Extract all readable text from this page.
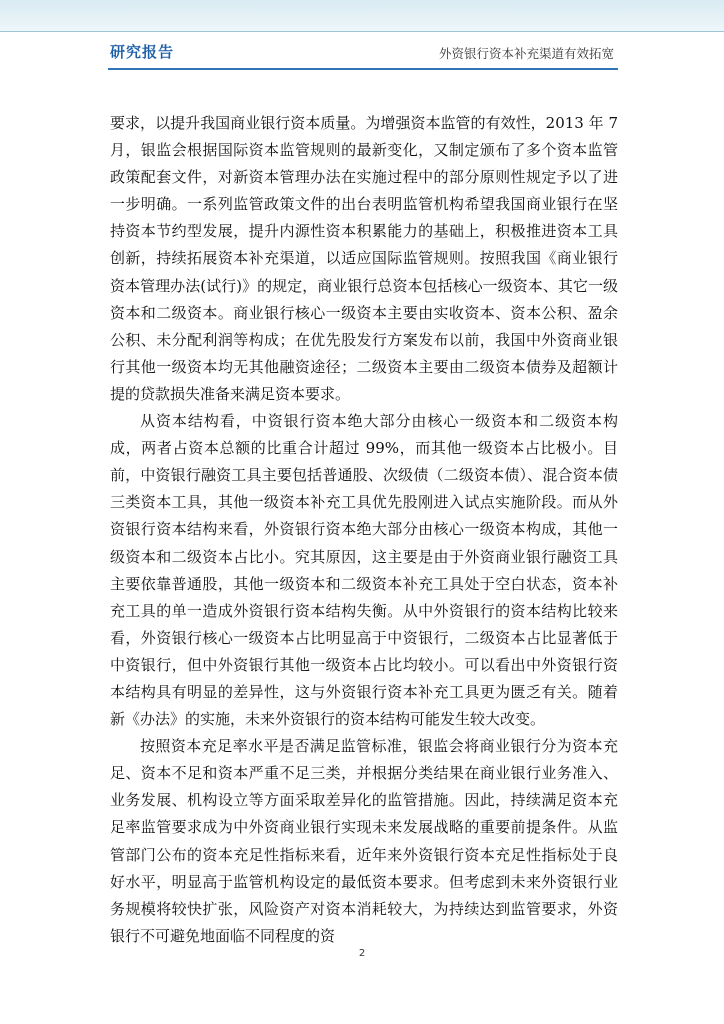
研究报告	外资银行资本补充渠道有效拓宽

要求，以提升我国商业银行资本质量。为增强资本监管的有效性，2013 年 7 月，银监会根据国际资本监管规则的最新变化，又制定颁布了多个资本监管政策配套文件，对新资本管理办法在实施过程中的部分原则性规定予以了进一步明确。一系列监管政策文件的出台表明监管机构希望我国商业银行在坚持资本节约型发展，提升内源性资本积累能力的基础上，积极推进资本工具创新，持续拓展资本补充渠道，以适应国际监管规则。按照我国《商业银行资本管理办法(试行)》的规定，商业银行总资本包括核心一级资本、其它一级资本和二级资本。商业银行核心一级资本主要由实收资本、资本公积、盈余公积、未分配利润等构成；在优先股发行方案发布以前，我国中外资商业银行其他一级资本均无其他融资途径；二级资本主要由二级资本债券及超额计提的贷款损失准备来满足资本要求。

从资本结构看，中资银行资本绝大部分由核心一级资本和二级资本构成，两者占资本总额的比重合计超过 99%，而其他一级资本占比极小。目前，中资银行融资工具主要包括普通股、次级债（二级资本债）、混合资本债三类资本工具，其他一级资本补充工具优先股刚进入试点实施阶段。而从外资银行资本结构来看，外资银行资本绝大部分由核心一级资本构成，其他一级资本和二级资本占比小。究其原因，这主要是由于外资商业银行融资工具主要依靠普通股，其他一级资本和二级资本补充工具处于空白状态，资本补充工具的单一造成外资银行资本结构失衡。从中外资银行的资本结构比较来看，外资银行核心一级资本占比明显高于中资银行，二级资本占比显著低于中资银行，但中外资银行其他一级资本占比均较小。可以看出中外资银行资本结构具有明显的差异性，这与外资银行资本补充工具更为匮乏有关。随着新《办法》的实施，未来外资银行的资本结构可能发生较大改变。

按照资本充足率水平是否满足监管标准，银监会将商业银行分为资本充足、资本不足和资本严重不足三类，并根据分类结果在商业银行业务准入、业务发展、机构设立等方面采取差异化的监管措施。因此，持续满足资本充足率监管要求成为中外资商业银行实现未来发展战略的重要前提条件。从监管部门公布的资本充足性指标来看，近年来外资银行资本充足性指标处于良好水平，明显高于监管机构设定的最低资本要求。但考虑到未来外资银行业务规模将较快扩张，风险资产对资本消耗较大，为持续达到监管要求，外资银行不可避免地面临不同程度的资

2
